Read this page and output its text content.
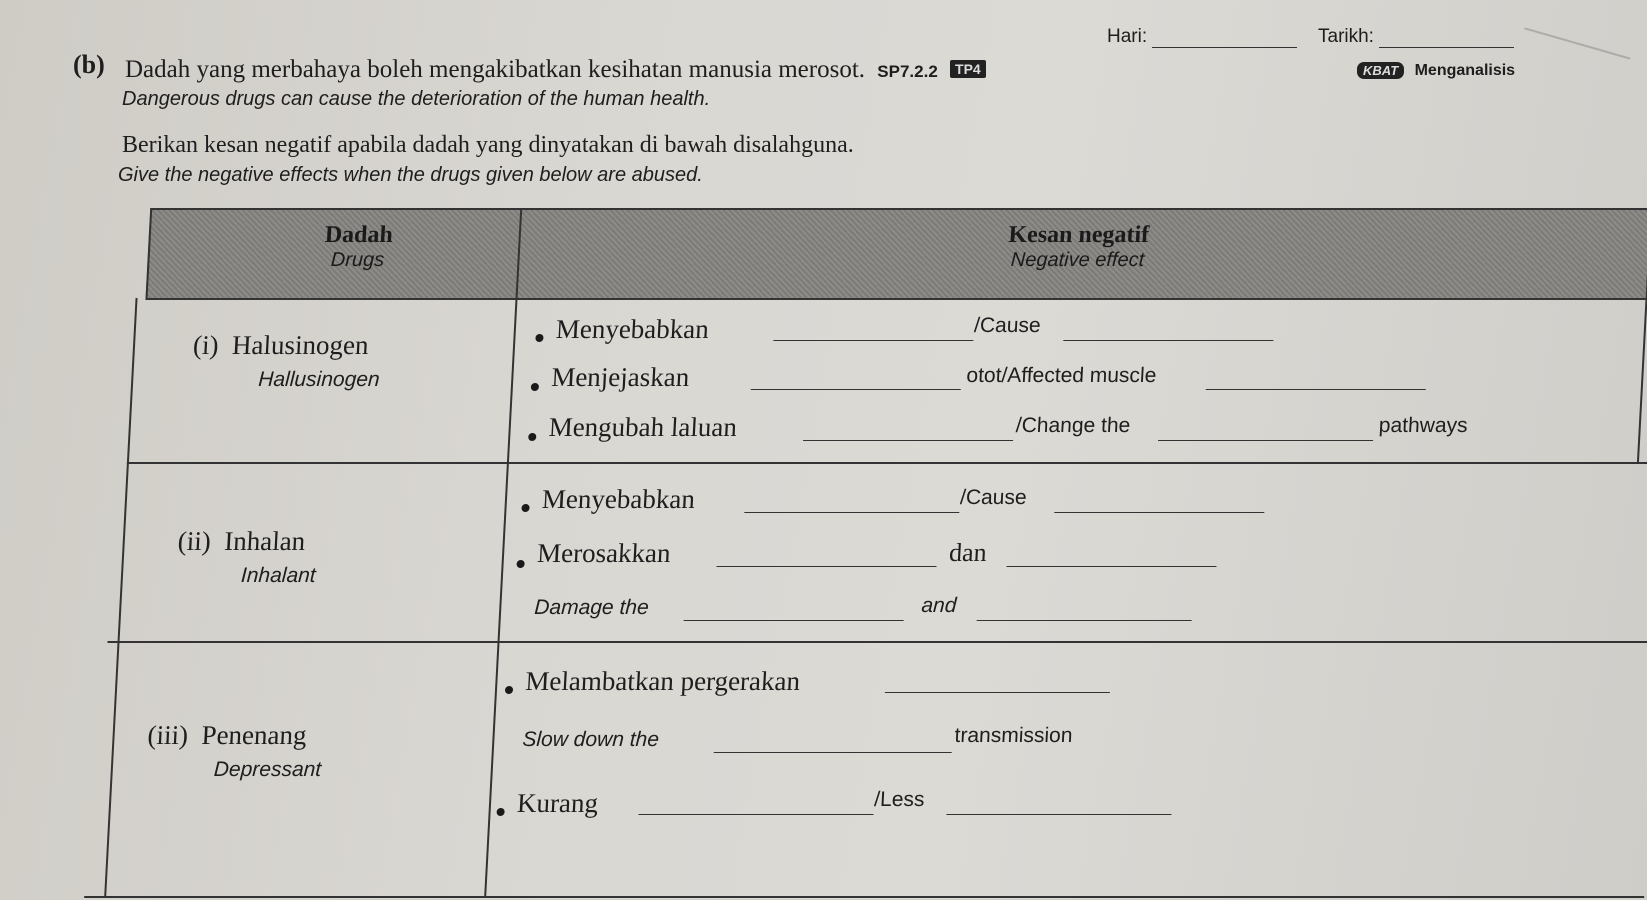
Hari:	Tarikh:
(b) Dadah yang merbahaya boleh mengakibatkan kesihatan manusia merosot. SP7.2.2 TP4	KBAT Menganalisis
Dangerous drugs can cause the deterioration of the human health.
Berikan kesan negatif apabila dadah yang dinyatakan di bawah disalahguna.
Give the negative effects when the drugs given below are abused.
Dadah
Drugs
Kesan negatif
Negative effect
(i) Halusinogen
Hallusinogen
Menyebabkan	/Cause
Menjejaskan	otot/Affected muscle
Mengubah laluan	/Change the	pathways
(ii) Inhalan
Inhalant
Menyebabkan	/Cause
Merosakkan	dan
Damage the	and
(iii) Penenang
Depressant
Melambatkan pergerakan
Slow down the	transmission
Kurang	/Less
